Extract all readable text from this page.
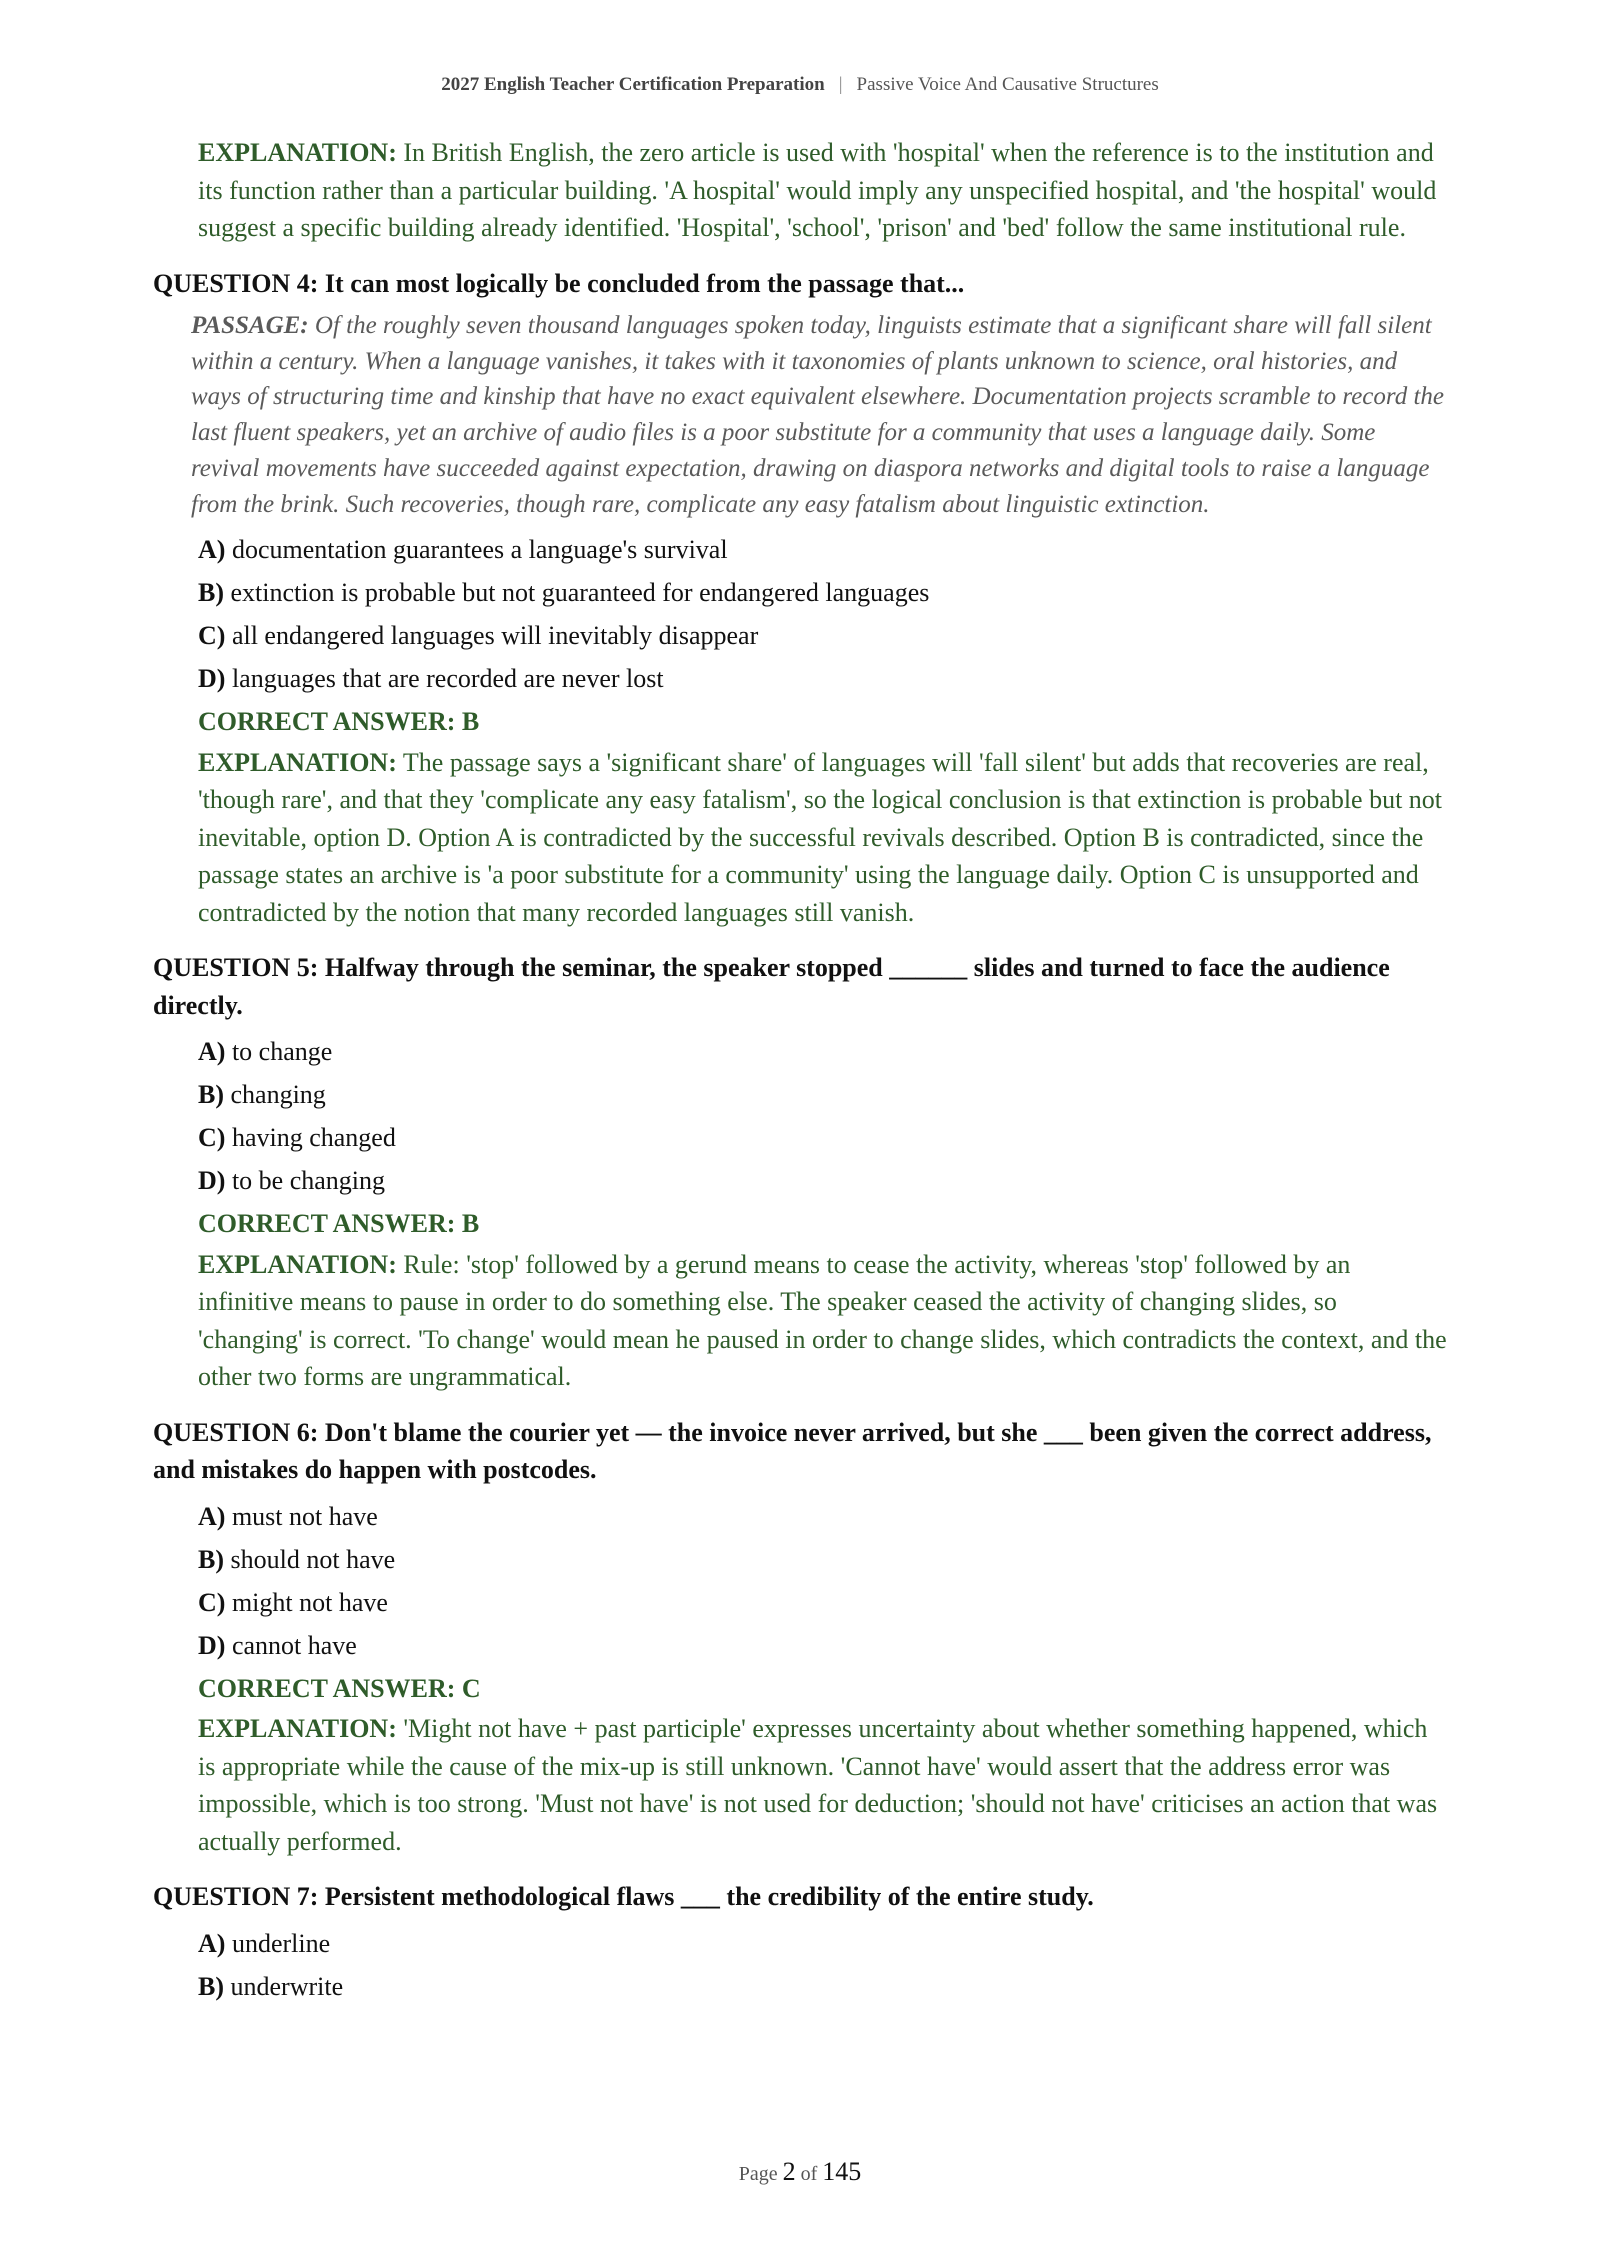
2027 English Teacher Certification Preparation | Passive Voice And Causative Structures
EXPLANATION: In British English, the zero article is used with 'hospital' when the reference is to the institution and its function rather than a particular building. 'A hospital' would imply any unspecified hospital, and 'the hospital' would suggest a specific building already identified. 'Hospital', 'school', 'prison' and 'bed' follow the same institutional rule.
QUESTION 4: It can most logically be concluded from the passage that...
PASSAGE: Of the roughly seven thousand languages spoken today, linguists estimate that a significant share will fall silent within a century. When a language vanishes, it takes with it taxonomies of plants unknown to science, oral histories, and ways of structuring time and kinship that have no exact equivalent elsewhere. Documentation projects scramble to record the last fluent speakers, yet an archive of audio files is a poor substitute for a community that uses a language daily. Some revival movements have succeeded against expectation, drawing on diaspora networks and digital tools to raise a language from the brink. Such recoveries, though rare, complicate any easy fatalism about linguistic extinction.
A) documentation guarantees a language's survival
B) extinction is probable but not guaranteed for endangered languages
C) all endangered languages will inevitably disappear
D) languages that are recorded are never lost
CORRECT ANSWER: B
EXPLANATION: The passage says a 'significant share' of languages will 'fall silent' but adds that recoveries are real, 'though rare', and that they 'complicate any easy fatalism', so the logical conclusion is that extinction is probable but not inevitable, option D. Option A is contradicted by the successful revivals described. Option B is contradicted, since the passage states an archive is 'a poor substitute for a community' using the language daily. Option C is unsupported and contradicted by the notion that many recorded languages still vanish.
QUESTION 5: Halfway through the seminar, the speaker stopped ______ slides and turned to face the audience directly.
A) to change
B) changing
C) having changed
D) to be changing
CORRECT ANSWER: B
EXPLANATION: Rule: 'stop' followed by a gerund means to cease the activity, whereas 'stop' followed by an infinitive means to pause in order to do something else. The speaker ceased the activity of changing slides, so 'changing' is correct. 'To change' would mean he paused in order to change slides, which contradicts the context, and the other two forms are ungrammatical.
QUESTION 6: Don't blame the courier yet — the invoice never arrived, but she ___ been given the correct address, and mistakes do happen with postcodes.
A) must not have
B) should not have
C) might not have
D) cannot have
CORRECT ANSWER: C
EXPLANATION: 'Might not have + past participle' expresses uncertainty about whether something happened, which is appropriate while the cause of the mix-up is still unknown. 'Cannot have' would assert that the address error was impossible, which is too strong. 'Must not have' is not used for deduction; 'should not have' criticises an action that was actually performed.
QUESTION 7: Persistent methodological flaws ___ the credibility of the entire study.
A) underline
B) underwrite
Page 2 of 145
